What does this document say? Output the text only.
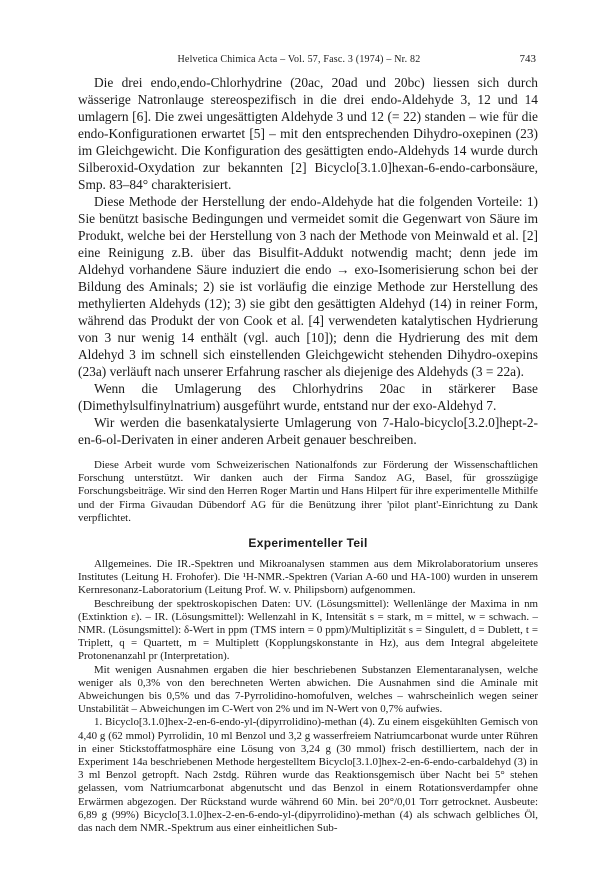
Helvetica Chimica Acta – Vol. 57, Fasc. 3 (1974) – Nr. 82	743

Die drei endo,endo-Chlorhydrine (20ac, 20ad und 20bc) liessen sich durch wässerige Natronlauge stereospezifisch in die drei endo-Aldehyde 3, 12 und 14 umlagern [6]. Die zwei ungesättigten Aldehyde 3 und 12 (= 22) standen – wie für die endo-Konfigurationen erwartet [5] – mit den entsprechenden Dihydro-oxepinen (23) im Gleichgewicht. Die Konfiguration des gesättigten endo-Aldehyds 14 wurde durch Silberoxid-Oxydation zur bekannten [2] Bicyclo[3.1.0]hexan-6-endo-carbonsäure, Smp. 83–84° charakterisiert.

Diese Methode der Herstellung der endo-Aldehyde hat die folgenden Vorteile: 1) Sie benützt basische Bedingungen und vermeidet somit die Gegenwart von Säure im Produkt, welche bei der Herstellung von 3 nach der Methode von Meinwald et al. [2] eine Reinigung z.B. über das Bisulfit-Addukt notwendig macht; denn jede im Aldehyd vorhandene Säure induziert die endo → exo-Isomerisierung schon bei der Bildung des Aminals; 2) sie ist vorläufig die einzige Methode zur Herstellung des methylierten Aldehyds (12); 3) sie gibt den gesättigten Aldehyd (14) in reiner Form, während das Produkt der von Cook et al. [4] verwendeten katalytischen Hydrierung von 3 nur wenig 14 enthält (vgl. auch [10]); denn die Hydrierung des mit dem Aldehyd 3 im schnell sich einstellenden Gleichgewicht stehenden Dihydro-oxepins (23a) verläuft nach unserer Erfahrung rascher als diejenige des Aldehyds (3 = 22a).

Wenn die Umlagerung des Chlorhydrins 20ac in stärkerer Base (Dimethylsulfinylnatrium) ausgeführt wurde, entstand nur der exo-Aldehyd 7.

Wir werden die basenkatalysierte Umlagerung von 7-Halo-bicyclo[3.2.0]hept-2-en-6-ol-Derivaten in einer anderen Arbeit genauer beschreiben.

Diese Arbeit wurde vom Schweizerischen Nationalfonds zur Förderung der Wissenschaftlichen Forschung unterstützt. Wir danken auch der Firma Sandoz AG, Basel, für grosszügige Forschungsbeiträge. Wir sind den Herren Roger Martin und Hans Hilpert für ihre experimentelle Mithilfe und der Firma Givaudan Dübendorf AG für die Benützung ihrer 'pilot plant'-Einrichtung zu Dank verpflichtet.

Experimenteller Teil

Allgemeines. Die IR.-Spektren und Mikroanalysen stammen aus dem Mikrolaboratorium unseres Institutes (Leitung H. Frohofer). Die ¹H-NMR.-Spektren (Varian A-60 und HA-100) wurden in unserem Kernresonanz-Laboratorium (Leitung Prof. W. v. Philipsborn) aufgenommen.

Beschreibung der spektroskopischen Daten: UV. (Lösungsmittel): Wellenlänge der Maxima in nm (Extinktion ε). – IR. (Lösungsmittel): Wellenzahl in K, Intensität s = stark, m = mittel, w = schwach. – NMR. (Lösungsmittel): δ-Wert in ppm (TMS intern = 0 ppm)/Multiplizität s = Singulett, d = Dublett, t = Triplett, q = Quartett, m = Multiplett (Kopplungskonstante in Hz), aus dem Integral abgeleitete Protonenanzahl pr (Interpretation).

Mit wenigen Ausnahmen ergaben die hier beschriebenen Substanzen Elementaranalysen, welche weniger als 0,3% von den berechneten Werten abwichen. Die Ausnahmen sind die Aminale mit Abweichungen bis 0,5% und das 7-Pyrrolidino-homofulven, welches – wahrscheinlich wegen seiner Unstabilität – Abweichungen im C-Wert von 2% und im N-Wert von 0,7% aufwies.

1. Bicyclo[3.1.0]hex-2-en-6-endo-yl-(dipyrrolidino)-methan (4). Zu einem eisgekühlten Gemisch von 4,40 g (62 mmol) Pyrrolidin, 10 ml Benzol und 3,2 g wasserfreiem Natriumcarbonat wurde unter Rühren in einer Stickstoffatmosphäre eine Lösung von 3,24 g (30 mmol) frisch destilliertem, nach der in Experiment 14a beschriebenen Methode hergestelltem Bicyclo[3.1.0]hex-2-en-6-endo-carbaldehyd (3) in 3 ml Benzol getropft. Nach 2stdg. Rühren wurde das Reaktionsgemisch über Nacht bei 5° stehen gelassen, vom Natriumcarbonat abgenutscht und das Benzol in einem Rotationsverdampfer ohne Erwärmen abgezogen. Der Rückstand wurde während 60 Min. bei 20°/0,01 Torr getrocknet. Ausbeute: 6,89 g (99%) Bicyclo[3.1.0]hex-2-en-6-endo-yl-(dipyrrolidino)-methan (4) als schwach gelbliches Öl, das nach dem NMR.-Spektrum aus einer einheitlichen Sub-
